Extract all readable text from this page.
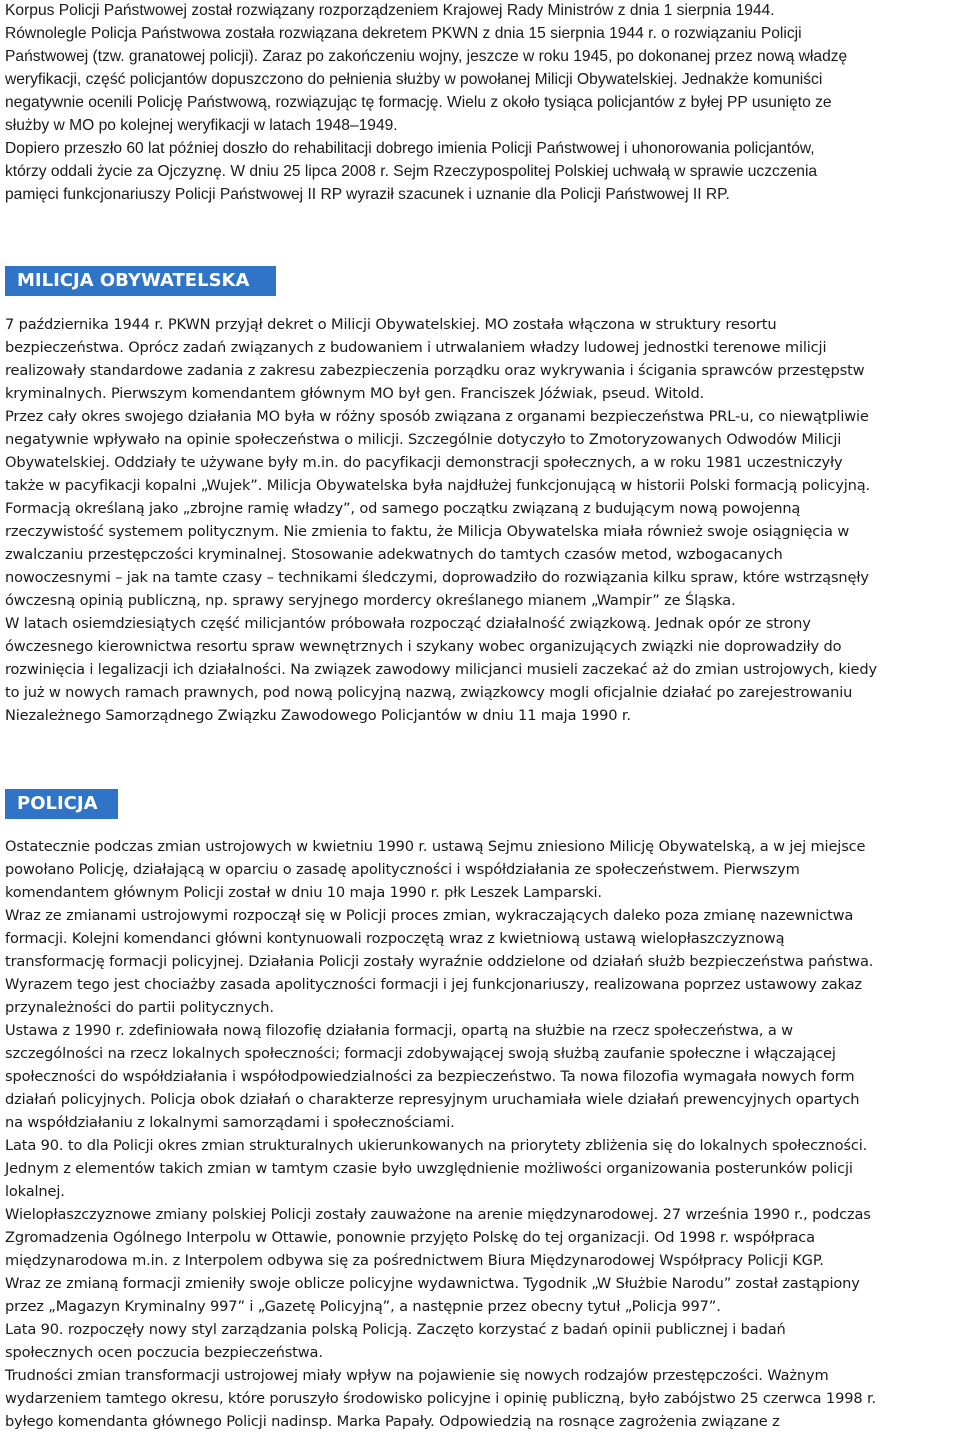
Korpus Policji Państwowej został rozwiązany rozporządzeniem Krajowej Rady Ministrów z dnia 1 sierpnia 1944.
Równolegle Policja Państwowa została rozwiązana dekretem PKWN z dnia 15 sierpnia 1944 r. o rozwiązaniu Policji
Państwowej (tzw. granatowej policji). Zaraz po zakończeniu wojny, jeszcze w roku 1945, po dokonanej przez nową władzę
weryfikacji, część policjantów dopuszczono do pełnienia służby w powołanej Milicji Obywatelskiej. Jednakże komuniści
negatywnie ocenili Policję Państwową, rozwiązując tę formację. Wielu z około tysiąca policjantów z byłej PP usunięto ze
służby w MO po kolejnej weryfikacji w latach 1948–1949.
Dopiero przeszło 60 lat później doszło do rehabilitacji dobrego imienia Policji Państwowej i uhonorowania policjantów,
którzy oddali życie za Ojczyznę. W dniu 25 lipca 2008 r. Sejm Rzeczypospolitej Polskiej uchwałą w sprawie uczczenia
pamięci funkcjonariuszy Policji Państwowej II RP wyraził szacunek i uznanie dla Policji Państwowej II RP.
MILICJA OBYWATELSKA
7 października 1944 r. PKWN przyjął dekret o Milicji Obywatelskiej. MO została włączona w struktury resortu
bezpieczeństwa. Oprócz zadań związanych z budowaniem i utrwalaniem władzy ludowej jednostki terenowe milicji
realizowały standardowe zadania z zakresu zabezpieczenia porządku oraz wykrywania i ścigania sprawców przestępstw
kryminalnych. Pierwszym komendantem głównym MO był gen. Franciszek Jóźwiak, pseud. Witold.
Przez cały okres swojego działania MO była w różny sposób związana z organami bezpieczeństwa PRL-u, co niewątpliwie
negatywnie wpływało na opinie społeczeństwa o milicji. Szczególnie dotyczyło to Zmotoryzowanych Odwodów Milicji
Obywatelskiej. Oddziały te używane były m.in. do pacyfikacji demonstracji społecznych, a w roku 1981 uczestniczyły
także w pacyfikacji kopalni „Wujek”. Milicja Obywatelska była najdłużej funkcjonującą w historii Polski formacją policyjną.
Formacją określaną jako „zbrojne ramię władzy”, od samego początku związaną z budującym nową powojenną
rzeczywistość systemem politycznym. Nie zmienia to faktu, że Milicja Obywatelska miała również swoje osiągnięcia w
zwalczaniu przestępczości kryminalnej. Stosowanie adekwatnych do tamtych czasów metod, wzbogacanych
nowoczesnymi – jak na tamte czasy – technikami śledczymi, doprowadziło do rozwiązania kilku spraw, które wstrząsnęły
ówczesną opinią publiczną, np. sprawy seryjnego mordercy określanego mianem „Wampir” ze Śląska.
W latach osiemdziesiątych część milicjantów próbowała rozpocząć działalność związkową. Jednak opór ze strony
ówczesnego kierownictwa resortu spraw wewnętrznych i szykany wobec organizujących związki nie doprowadziły do
rozwinięcia i legalizacji ich działalności. Na związek zawodowy milicjanci musieli zaczekać aż do zmian ustrojowych, kiedy
to już w nowych ramach prawnych, pod nową policyjną nazwą, związkowcy mogli oficjalnie działać po zarejestrowaniu
Niezależnego Samorządnego Związku Zawodowego Policjantów w dniu 11 maja 1990 r.
POLICJA
Ostatecznie podczas zmian ustrojowych w kwietniu 1990 r. ustawą Sejmu zniesiono Milicję Obywatelską, a w jej miejsce
powołano Policję, działającą w oparciu o zasadę apolityczności i współdziałania ze społeczeństwem. Pierwszym
komendantem głównym Policji został w dniu 10 maja 1990 r. płk Leszek Lamparski.
Wraz ze zmianami ustrojowymi rozpoczął się w Policji proces zmian, wykraczających daleko poza zmianę nazewnictwa
formacji. Kolejni komendanci główni kontynuowali rozpoczętą wraz z kwietniową ustawą wielopłaszczyznową
transformację formacji policyjnej. Działania Policji zostały wyraźnie oddzielone od działań służb bezpieczeństwa państwa.
Wyrazem tego jest chociażby zasada apolityczności formacji i jej funkcjonariuszy, realizowana poprzez ustawowy zakaz
przynależności do partii politycznych.
Ustawa z 1990 r. zdefiniowała nową filozofię działania formacji, opartą na służbie na rzecz społeczeństwa, a w
szczególności na rzecz lokalnych społeczności; formacji zdobywającej swoją służbą zaufanie społeczne i włączającej
społeczności do współdziałania i współodpowiedzialności za bezpieczeństwo. Ta nowa filozofia wymagała nowych form
działań policyjnych. Policja obok działań o charakterze represyjnym uruchamiała wiele działań prewencyjnych opartych
na współdziałaniu z lokalnymi samorządami i społecznościami.
Lata 90. to dla Policji okres zmian strukturalnych ukierunkowanych na priorytety zbliżenia się do lokalnych społeczności.
Jednym z elementów takich zmian w tamtym czasie było uwzględnienie możliwości organizowania posterunków policji
lokalnej.
Wielopłaszczyznowe zmiany polskiej Policji zostały zauważone na arenie międzynarodowej. 27 września 1990 r., podczas
Zgromadzenia Ogólnego Interpolu w Ottawie, ponownie przyjęto Polskę do tej organizacji. Od 1998 r. współpraca
międzynarodowa m.in. z Interpolem odbywa się za pośrednictwem Biura Międzynarodowej Współpracy Policji KGP.
Wraz ze zmianą formacji zmieniły swoje oblicze policyjne wydawnictwa. Tygodnik „W Służbie Narodu” został zastąpiony
przez „Magazyn Kryminalny 997” i „Gazetę Policyjną”, a następnie przez obecny tytuł „Policja 997”.
Lata 90. rozpoczęły nowy styl zarządzania polską Policją. Zaczęto korzystać z badań opinii publicznej i badań
społecznych ocen poczucia bezpieczeństwa.
Trudności zmian transformacji ustrojowej miały wpływ na pojawienie się nowych rodzajów przestępczości. Ważnym
wydarzeniem tamtego okresu, które poruszyło środowisko policyjne i opinię publiczną, było zabójstwo 25 czerwca 1998 r.
byłego komendanta głównego Policji nadinsp. Marka Papały. Odpowiedzią na rosnące zagrożenia związane z
